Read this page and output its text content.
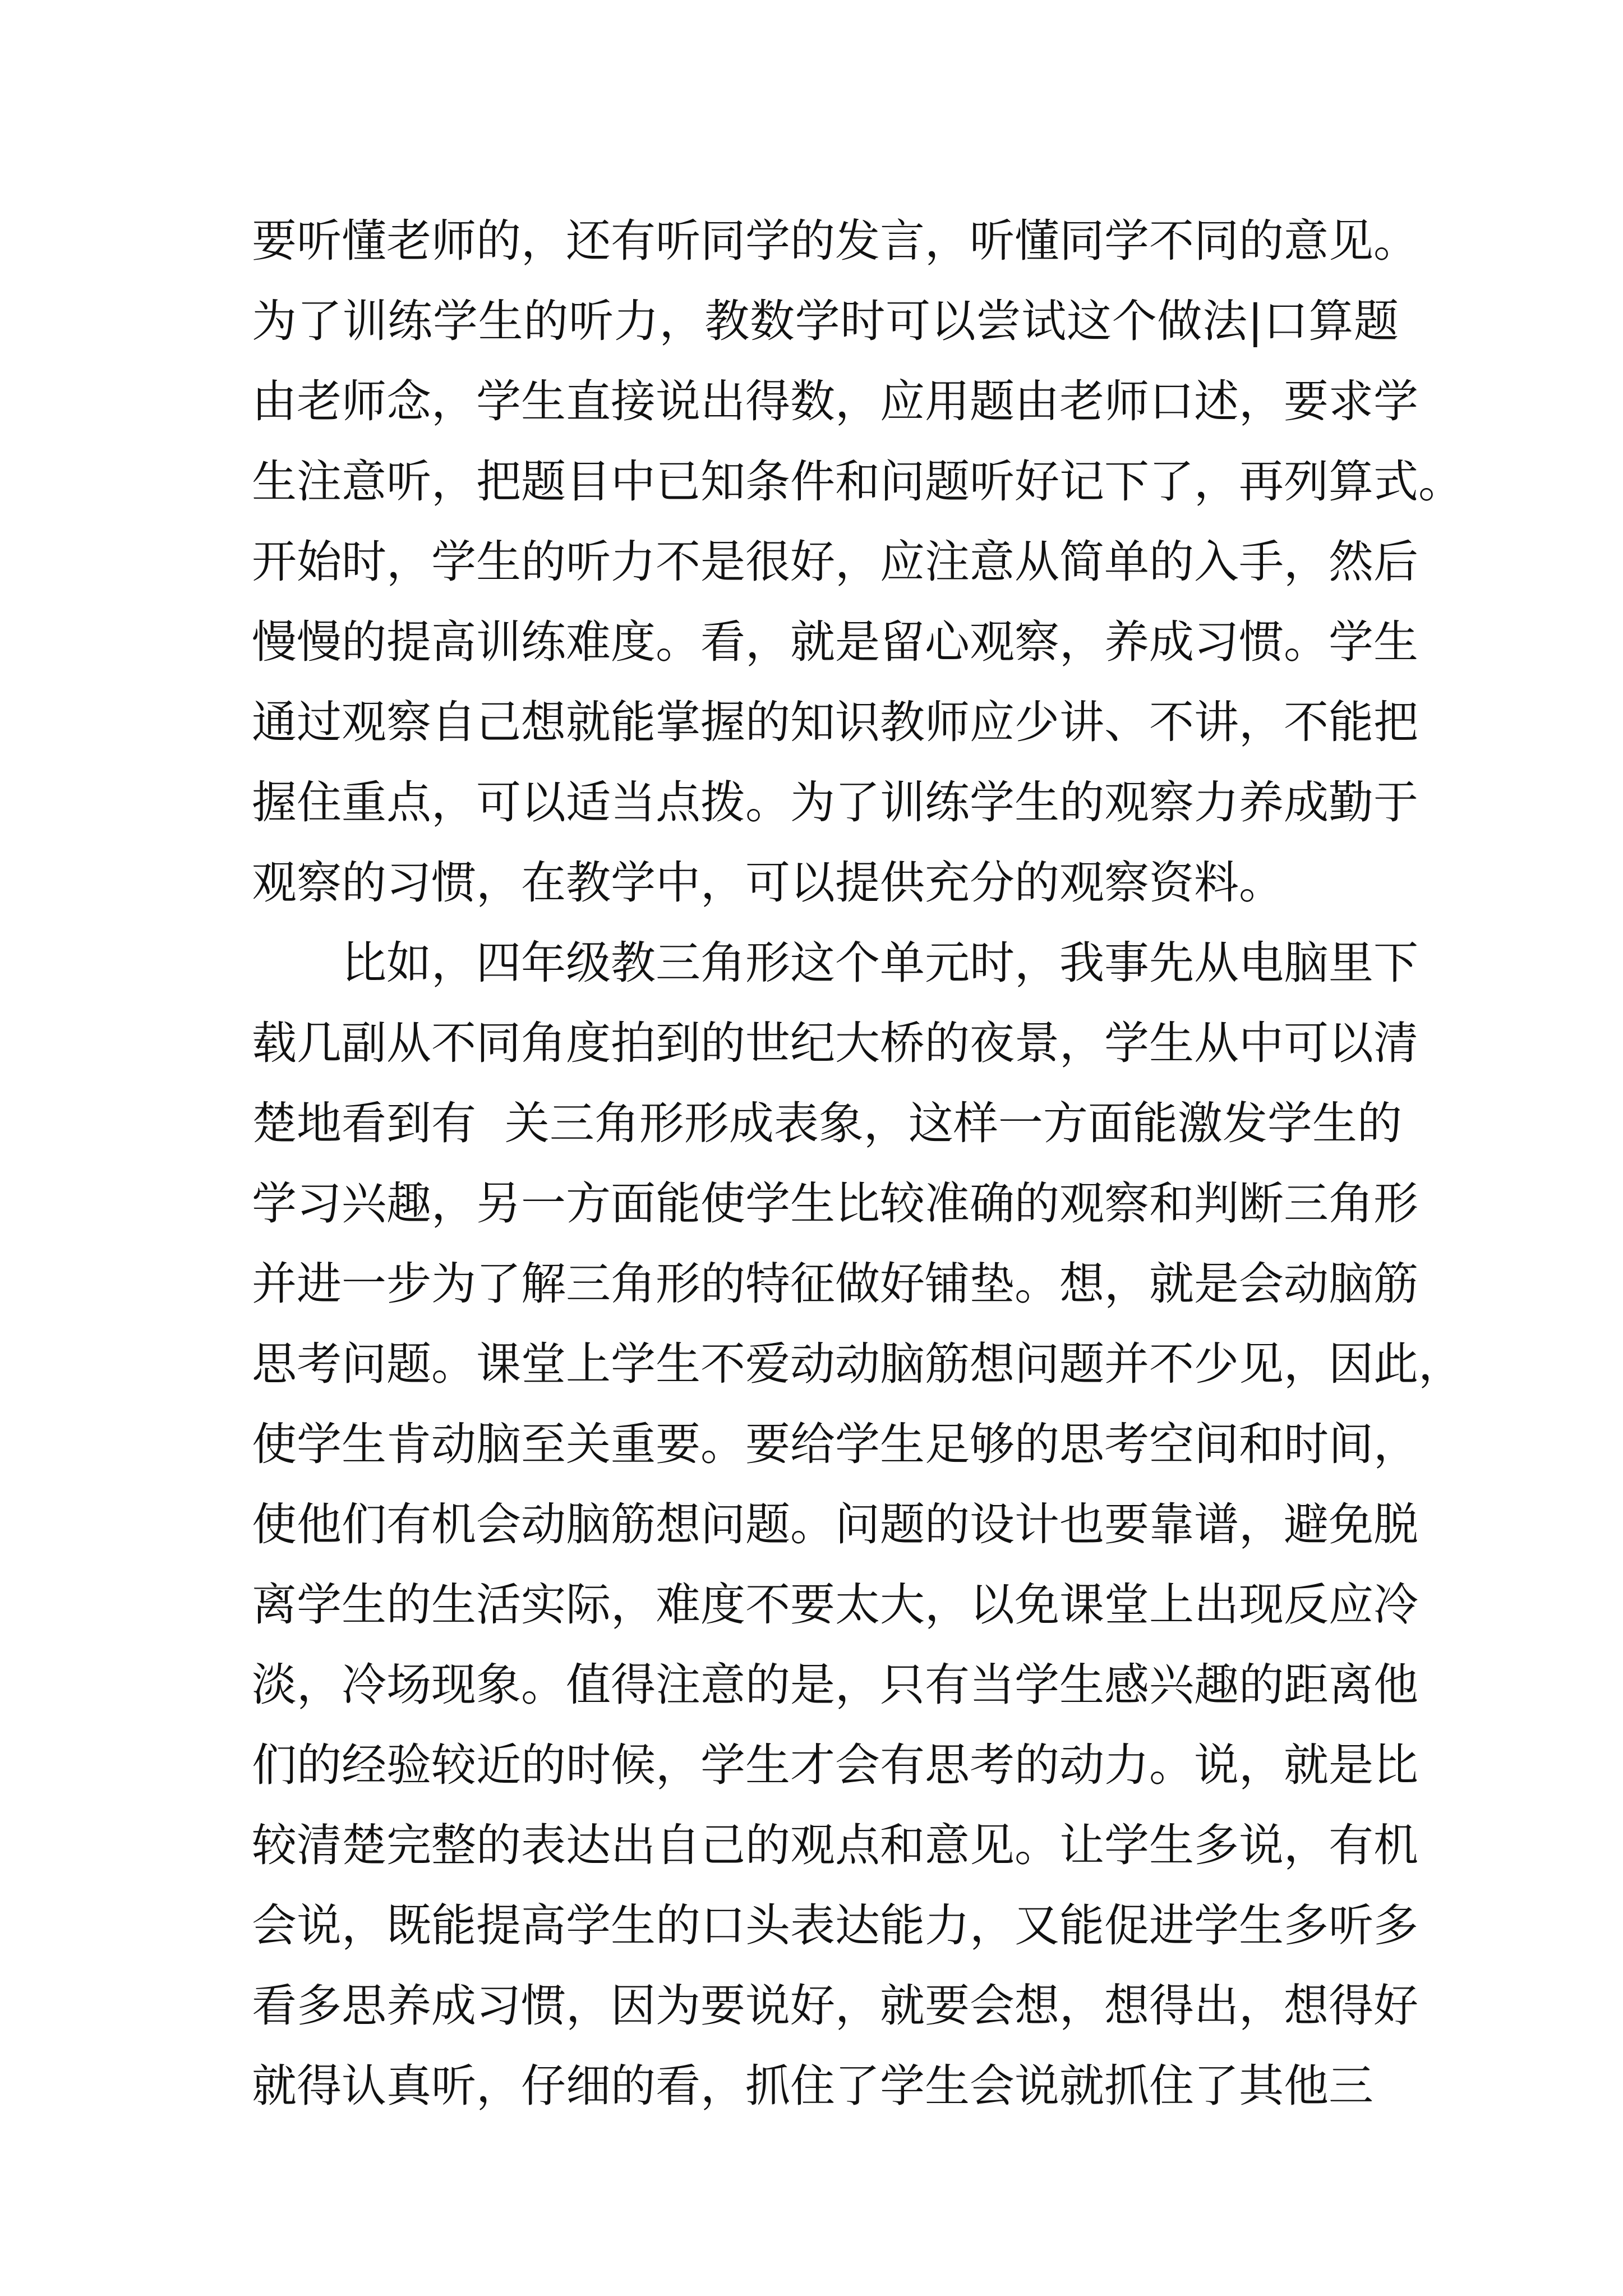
要听懂老师的，还有听同学的发言，听懂同学不同的意见。
为了训练学生的听力，教数学时可以尝试这个做法|口算题
由老师念，学生直接说出得数，应用题由老师口述，要求学
生注意听，把题目中已知条件和问题听好记下了，再列算式。
开始时，学生的听力不是很好，应注意从简单的入手，然后
慢慢的提高训练难度。看，就是留心观察，养成习惯。学生
通过观察自己想就能掌握的知识教师应少讲、不讲，不能把
握住重点，可以适当点拨。为了训练学生的观察力养成勤于
观察的习惯，在教学中，可以提供充分的观察资料。
比如，四年级教三角形这个单元时，我事先从电脑里下
载几副从不同角度拍到的世纪大桥的夜景，学生从中可以清
楚地看到有  关三角形形成表象，这样一方面能激发学生的
学习兴趣，另一方面能使学生比较准确的观察和判断三角形
并进一步为了解三角形的特征做好铺垫。想，就是会动脑筋
思考问题。课堂上学生不爱动动脑筋想问题并不少见，因此，
使学生肯动脑至关重要。要给学生足够的思考空间和时间，
使他们有机会动脑筋想问题。问题的设计也要靠谱，避免脱
离学生的生活实际，难度不要太大，以免课堂上出现反应冷
淡，冷场现象。值得注意的是，只有当学生感兴趣的距离他
们的经验较近的时候，学生才会有思考的动力。说，就是比
较清楚完整的表达出自己的观点和意见。让学生多说，有机
会说，既能提高学生的口头表达能力，又能促进学生多听多
看多思养成习惯，因为要说好，就要会想，想得出，想得好
就得认真听，仔细的看，抓住了学生会说就抓住了其他三
